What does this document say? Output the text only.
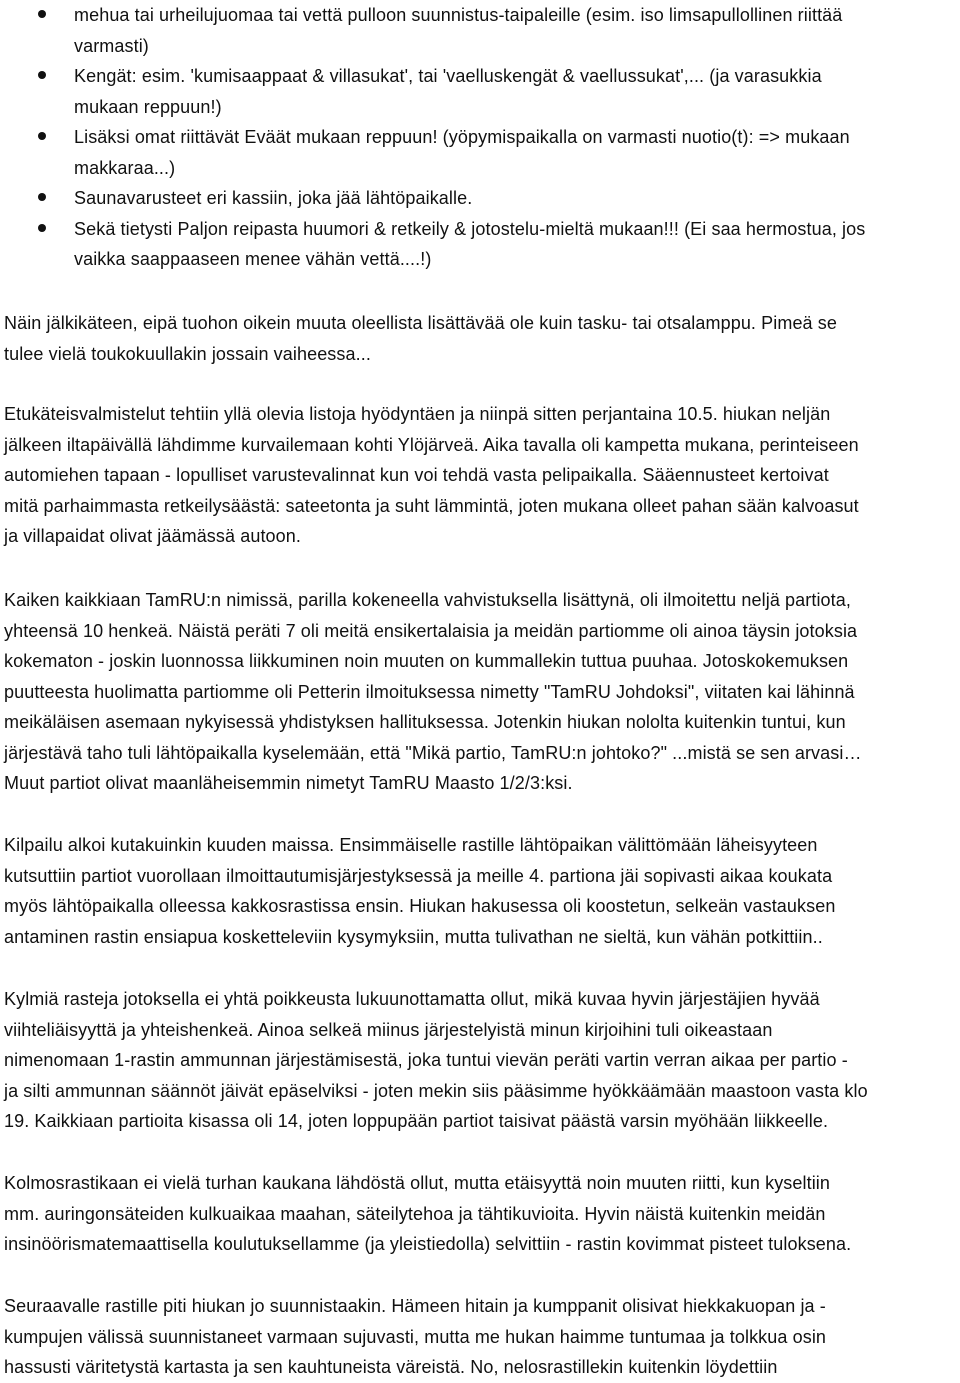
mehua tai urheilujuomaa tai vettä pulloon suunnistus-taipaleille (esim. iso limsapullollinen riittää
varmasti)
Kengät: esim. 'kumisaappaat & villasukat', tai 'vaelluskengät & vaellussukat',... (ja varasukkia
mukaan reppuun!)
Lisäksi omat riittävät Eväät mukaan reppuun! (yöpymispaikalla on varmasti nuotio(t): => mukaan
makkaraa...)
Saunavarusteet eri kassiin, joka jää lähtöpaikalle.
Sekä tietysti Paljon reipasta huumori & retkeily & jotostelu-mieltä mukaan!!! (Ei saa hermostua, jos
vaikka saappaaseen menee vähän vettä....!)

Näin jälkikäteen, eipä tuohon oikein muuta oleellista lisättävää ole kuin tasku- tai otsalamppu. Pimeä se
tulee vielä toukokuullakin jossain vaiheessa...

Etukäteisvalmistelut tehtiin yllä olevia listoja hyödyntäen ja niinpä sitten perjantaina 10.5. hiukan neljän
jälkeen iltapäivällä lähdimme kurvailemaan kohti Ylöjärveä. Aika tavalla oli kampetta mukana, perinteiseen
automiehen tapaan - lopulliset varustevalinnat kun voi tehdä vasta pelipaikalla. Sääennusteet kertoivat
mitä parhaimmasta retkeilysäästä: sateetonta ja suht lämmintä, joten mukana olleet pahan sään kalvoasut
ja villapaidat olivat jäämässä autoon.

Kaiken kaikkiaan TamRU:n nimissä, parilla kokeneella vahvistuksella lisättynä, oli ilmoitettu neljä partiota,
yhteensä 10 henkeä. Näistä peräti 7 oli meitä ensikertalaisia ja meidän partiomme oli ainoa täysin jotoksia
kokematon - joskin luonnossa liikkuminen noin muuten on kummallekin tuttua puuhaa. Jotoskokemuksen
puutteesta huolimatta partiomme oli Petterin ilmoituksessa nimetty "TamRU Johdoksi", viitaten kai lähinnä
meikäläisen asemaan nykyisessä yhdistyksen hallituksessa. Jotenkin hiukan nololta kuitenkin tuntui, kun
järjestävä taho tuli lähtöpaikalla kyselemään, että "Mikä partio, TamRU:n johtoko?" ...mistä se sen arvasi…
Muut partiot olivat maanläheisemmin nimetyt TamRU Maasto 1/2/3:ksi.

Kilpailu alkoi kutakuinkin kuuden maissa. Ensimmäiselle rastille lähtöpaikan välittömään läheisyyteen
kutsuttiin partiot vuorollaan ilmoittautumisjärjestyksessä ja meille 4. partiona jäi sopivasti aikaa koukata
myös lähtöpaikalla olleessa kakkosrastissa ensin. Hiukan hakusessa oli koostetun, selkeän vastauksen
antaminen rastin ensiapua kosketteleviin kysymyksiin, mutta tulivathan ne sieltä, kun vähän potkittiin..

Kylmiä rasteja jotoksella ei yhtä poikkeusta lukuunottamatta ollut, mikä kuvaa hyvin järjestäjien hyvää
viihteliäisyyttä ja yhteishenkeä. Ainoa selkeä miinus järjestelyistä minun kirjoihini tuli oikeastaan
nimenomaan 1-rastin ammunnan järjestämisestä, joka tuntui vievän peräti vartin verran aikaa per partio -
ja silti ammunnan säännöt jäivät epäselviksi - joten mekin siis pääsimme hyökkäämään maastoon vasta klo
19. Kaikkiaan partioita kisassa oli 14, joten loppupään partiot taisivat päästä varsin myöhään liikkeelle.

Kolmosrastikaan ei vielä turhan kaukana lähdöstä ollut, mutta etäisyyttä noin muuten riitti, kun kyseltiin
mm. auringonsäteiden kulkuaikaa maahan, säteilytehoa ja tähtikuvioita. Hyvin näistä kuitenkin meidän
insinöörismatemaattisella koulutuksellamme (ja yleistiedolla) selvittiin - rastin kovimmat pisteet tuloksena.

Seuraavalle rastille piti hiukan jo suunnistaakin. Hämeen hitain ja kumppanit olisivat hiekkakuopan ja -
kumpujen välissä suunnistaneet varmaan sujuvasti, mutta me hukan haimme tuntumaa ja tolkkua osin
hassusti väritetystä kartasta ja sen kauhtuneista väreistä. No, nelosrastillekin kuitenkin löydettiin
